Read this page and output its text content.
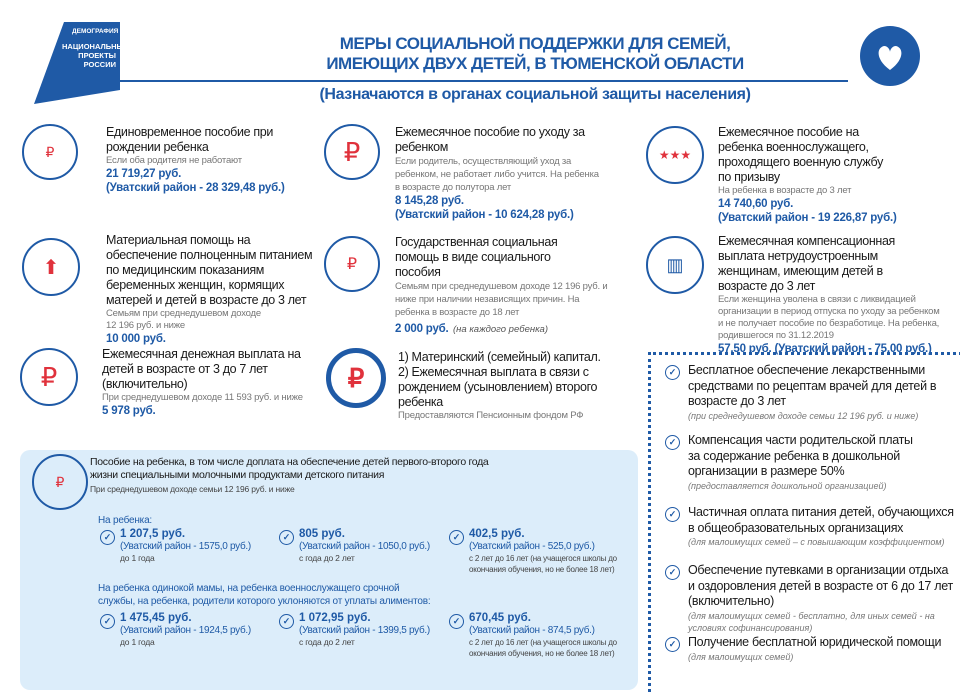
ДЕМОГРАФИЯ
НАЦИОНАЛЬНЫЕ ПРОЕКТЫ РОССИИ
МЕРЫ СОЦИАЛЬНОЙ ПОДДЕРЖКИ ДЛЯ СЕМЕЙ,
ИМЕЮЩИХ ДВУХ ДЕТЕЙ, В ТЮМЕНСКОЙ ОБЛАСТИ
(Назначаются в органах социальной защиты населения)
₽
Единовременное пособие при рождении ребенка
Если оба родителя не работают
21 719,27 руб.
(Уватский район - 28 329,48 руб.)
₽
Ежемесячное пособие по уходу за ребенком
Если родитель, осуществляющий уход за ребенком, не работает либо учится. На ребенка в возрасте до полутора лет
8 145,28 руб.
(Уватский район - 10 624,28 руб.)
★★★
Ежемесячное пособие на ребенка военнослужащего, проходящего военную службу по призыву
На ребенка в возрасте до 3 лет
14 740,60 руб.
(Уватский район - 19 226,87 руб.)
⬆
Материальная помощь на обеспечение полноценным питанием по медицинским показаниям беременных женщин, кормящих матерей и детей в возрасте до 3 лет
Семьям при среднедушевом доходе 12 196 руб. и ниже
10 000 руб.
₽
Государственная социальная помощь в виде социального пособия
Семьям при среднедушевом доходе 12 196 руб. и ниже при наличии независящих причин. На ребенка в возрасте до 18 лет
2 000 руб. (на каждого ребенка)
▥
Ежемесячная компенсационная выплата нетрудоустроенным женщинам, имеющим детей в возрасте до 3 лет
Если женщина уволена в связи с ликвидацией организации в период отпуска по уходу за ребенком и не получает пособие по безработице. На ребенка, родившегося по 31.12.2019
57,50 руб. (Уватский район - 75,00 руб.)
₽
Ежемесячная денежная выплата на детей в возрасте от 3 до 7 лет (включительно)
При среднедушевом доходе 11 593 руб. и ниже
5 978 руб.
₽
1) Материнский (семейный) капитал.
2) Ежемесячная выплата в связи с рождением (усыновлением) второго ребенка
Предоставляются Пенсионным фондом РФ
✓ Бесплатное обеспечение лекарственными средствами по рецептам врачей для детей в возрасте до 3 лет
(при среднедушевом доходе семьи 12 196 руб. и ниже)
✓ Компенсация части родительской платы за содержание ребенка в дошкольной организации в размере 50%
(предоставляется дошкольной организацией)
✓ Частичная оплата питания детей, обучающихся в общеобразовательных организациях
(для малоимущих семей – с повышающим коэффициентом)
✓ Обеспечение путевками в организации отдыха и оздоровления детей в возрасте от 6 до 17 лет (включительно)
(для малоимущих семей - бесплатно, для иных семей - на условиях софинансирования)
✓ Получение бесплатной юридической помощи
(для малоимущих семей)
₽
Пособие на ребенка, в том числе доплата на обеспечение детей первого-второго года жизни специальными молочными продуктами детского питания
При среднедушевом доходе семьи 12 196 руб. и ниже
На ребенка:
✓ 1 207,5 руб.
(Уватский район - 1575,0 руб.)
до 1 года
✓ 805 руб.
(Уватский район - 1050,0 руб.)
с года до 2 лет
✓ 402,5 руб.
(Уватский район - 525,0 руб.)
с 2 лет до 16 лет (на учащегося школы до окончания обучения, но не более 18 лет)
На ребенка одинокой мамы, на ребенка военнослужащего срочной службы, на ребенка, родители которого уклоняются от уплаты алиментов:
✓ 1 475,45 руб.
(Уватский район - 1924,5 руб.)
до 1 года
✓ 1 072,95 руб.
(Уватский район - 1399,5 руб.)
с года до 2 лет
✓ 670,45 руб.
(Уватский район - 874,5 руб.)
с 2 лет до 16 лет (на учащегося школы до окончания обучения, но не более 18 лет)
